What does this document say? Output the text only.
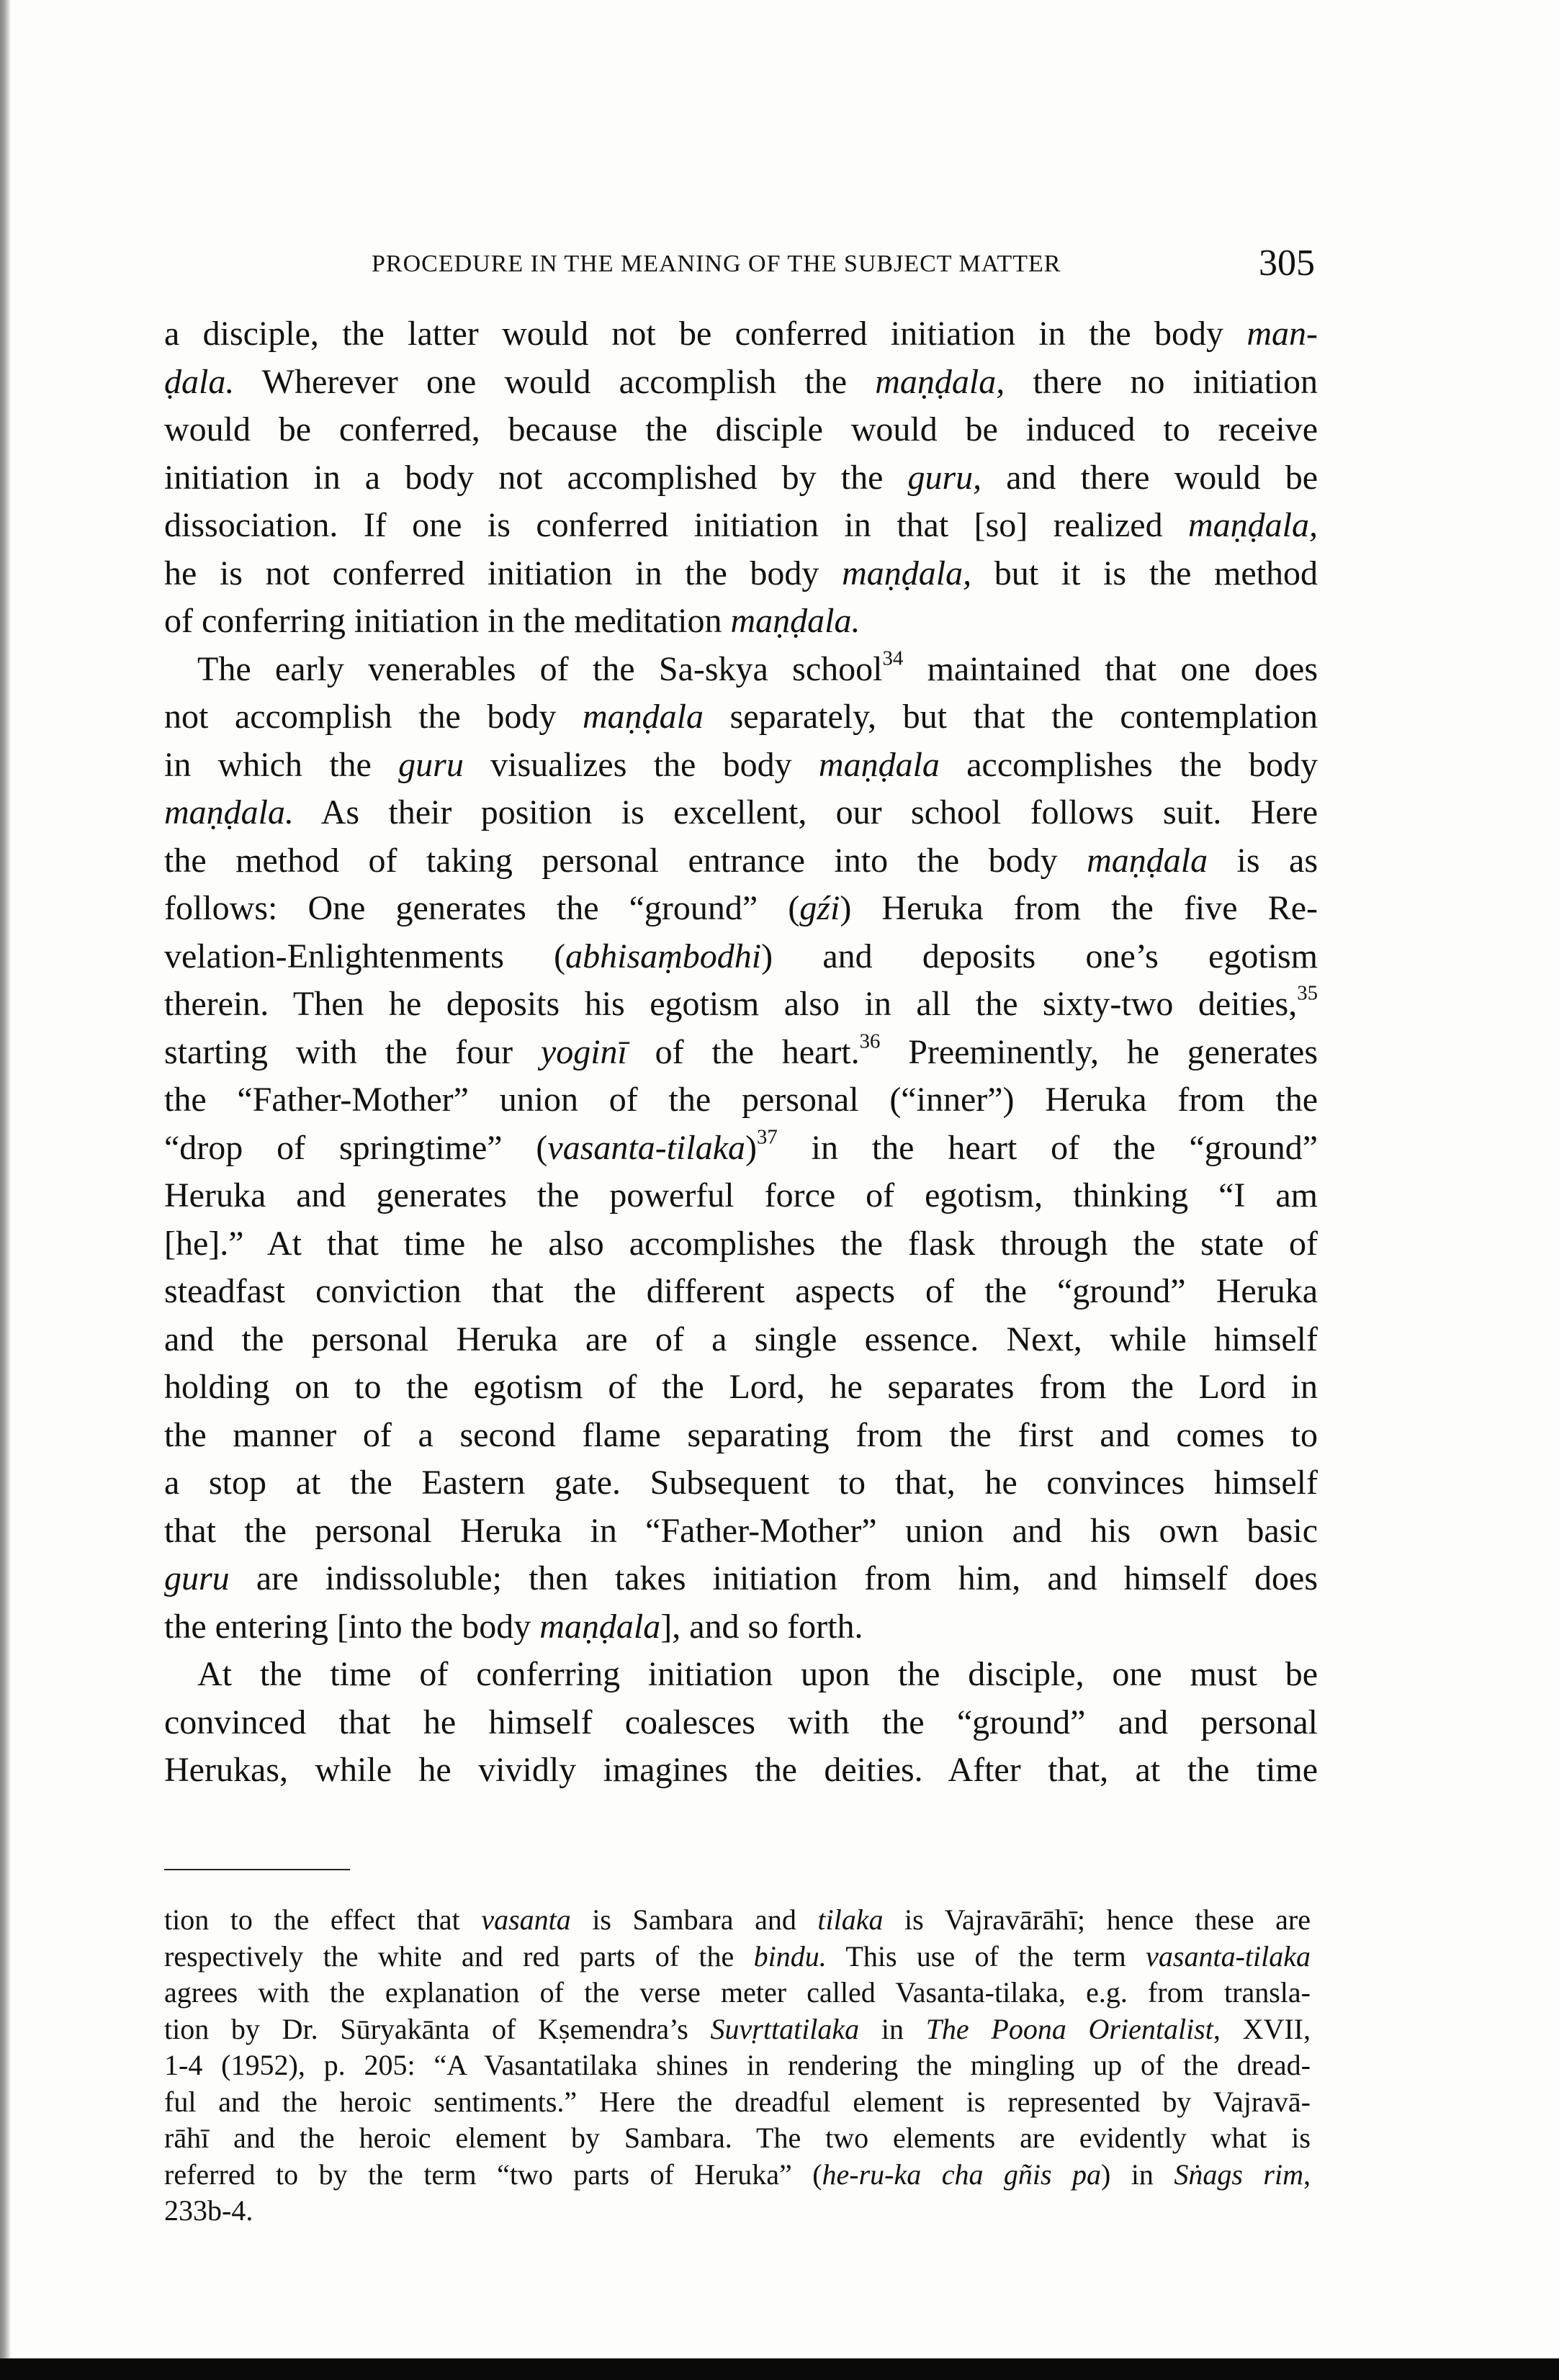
PROCEDURE IN THE MEANING OF THE SUBJECT MATTER	305
a disciple, the latter would not be conferred initiation in the body man-
ḍala. Wherever one would accomplish the maṇḍala, there no initiation
would be conferred, because the disciple would be induced to receive
initiation in a body not accomplished by the guru, and there would be
dissociation. If one is conferred initiation in that [so] realized maṇḍala,
he is not conferred initiation in the body maṇḍala, but it is the method
of conferring initiation in the meditation maṇḍala.
The early venerables of the Sa-skya school$^{34}$ maintained that one does
not accomplish the body maṇḍala separately, but that the contemplation
in which the guru visualizes the body maṇḍala accomplishes the body
maṇḍala. As their position is excellent, our school follows suit. Here
the method of taking personal entrance into the body maṇḍala is as
follows: One generates the “ground” (gźi) Heruka from the five Re-
velation-Enlightenments (abhisaṃbodhi) and deposits one’s egotism
therein. Then he deposits his egotism also in all the sixty-two deities,$^{35}$
starting with the four yoginī of the heart.$^{36}$ Preeminently, he generates
the “Father-Mother” union of the personal (“inner”) Heruka from the
“drop of springtime” (vasanta-tilaka)$^{37}$ in the heart of the “ground”
Heruka and generates the powerful force of egotism, thinking “I am
[he].” At that time he also accomplishes the flask through the state of
steadfast conviction that the different aspects of the “ground” Heruka
and the personal Heruka are of a single essence. Next, while himself
holding on to the egotism of the Lord, he separates from the Lord in
the manner of a second flame separating from the first and comes to
a stop at the Eastern gate. Subsequent to that, he convinces himself
that the personal Heruka in “Father-Mother” union and his own basic
guru are indissoluble; then takes initiation from him, and himself does
the entering [into the body maṇḍala], and so forth.
At the time of conferring initiation upon the disciple, one must be
convinced that he himself coalesces with the “ground” and personal
Herukas, while he vividly imagines the deities. After that, at the time
tion to the effect that vasanta is Sambara and tilaka is Vajravārāhī; hence these are
respectively the white and red parts of the bindu. This use of the term vasanta-tilaka
agrees with the explanation of the verse meter called Vasanta-tilaka, e.g. from transla-
tion by Dr. Sūryakānta of Kṣemendra’s Suvṛttatilaka in The Poona Orientalist, XVII,
1-4 (1952), p. 205: “A Vasantatilaka shines in rendering the mingling up of the dread-
ful and the heroic sentiments.” Here the dreadful element is represented by Vajravā-
rāhī and the heroic element by Sambara. The two elements are evidently what is
referred to by the term “two parts of Heruka” (he-ru-ka cha gñis pa) in Sṅags rim,
233b-4.
